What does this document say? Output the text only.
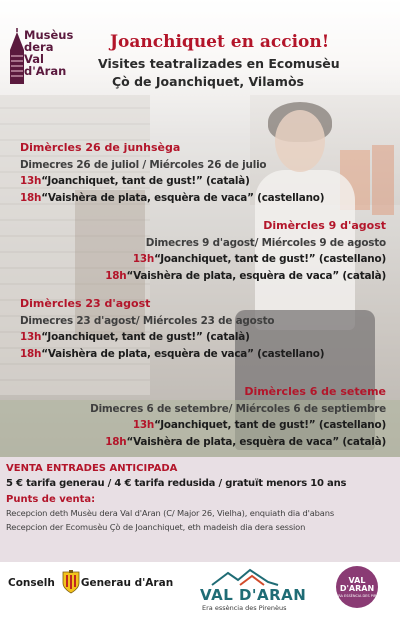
Musèus
dera
Val
d'Aran
Joanchiquet en accion!
Visites teatralizades en Ecomusèu
Çò de Joanchiquet, Vilamòs
Dimèrcles 26 de junhsèga
Dimecres 26 de juliol / Miércoles 26 de julio
13h“Joanchiquet, tant de gust!” (català)
18h“Vaishèra de plata, esquèra de vaca” (castellano)
Dimèrcles 9 d'agost
Dimecres 9 d'agost/ Miércoles 9 de agosto
13h“Joanchiquet, tant de gust!” (castellano)
18h“Vaishèra de plata, esquèra de vaca” (català)
Dimèrcles 23 d'agost
Dimecres 23 d'agost/ Miércoles 23 de agosto
13h“Joanchiquet, tant de gust!” (català)
18h“Vaishèra de plata, esquèra de vaca” (castellano)
Dimèrcles 6 de seteme
Dimecres 6 de setembre/ Miércoles 6 de septiembre
13h“Joanchiquet, tant de gust!” (castellano)
18h“Vaishèra de plata, esquèra de vaca” (català)
VENTA ENTRADES ANTICIPADA
5 € tarifa generau / 4 € tarifa redusida / gratuït menors 10 ans
Punts de venta:
Recepcion deth Musèu dera Val d'Aran (C/ Major 26, Vielha), enquiath dia d'abans
Recepcion der Ecomusèu Çò de Joanchiquet, eth madeish dia dera session
Conselh Generau d'Aran
VAL D'ARAN
Era essència des Pirenèus
VAL
D'ARAN
ERA ESSÈNCIA DES PIRENÈUS
